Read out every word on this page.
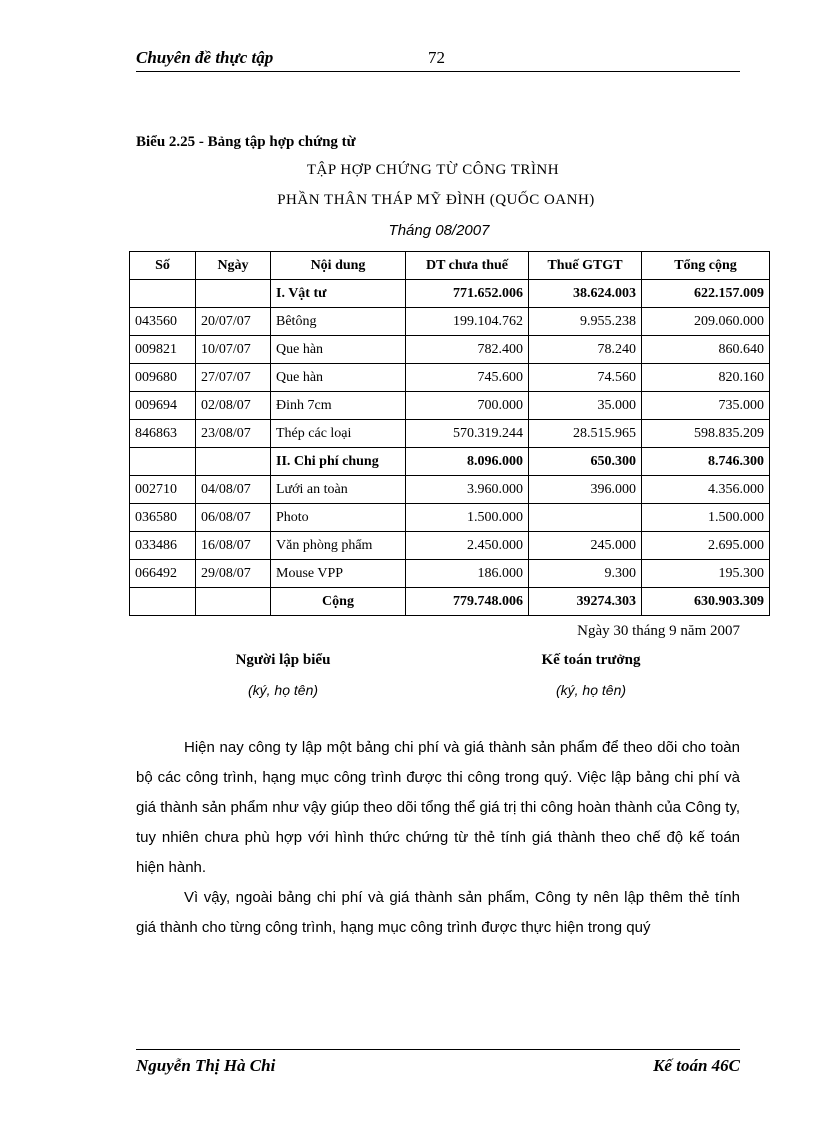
Chuyên đề thực tập	72
Biểu 2.25 - Bảng tập hợp chứng từ
TẬP HỢP CHỨNG TỪ CÔNG TRÌNH
PHẦN THÂN THÁP MỸ ĐÌNH (QUỐC OANH)
Tháng 08/2007
Số	Ngày	Nội dung	DT chưa thuế	Thuế GTGT	Tổng cộng
		I. Vật tư	771.652.006	38.624.003	622.157.009
043560	20/07/07	Bêtông	199.104.762	9.955.238	209.060.000
009821	10/07/07	Que hàn	782.400	78.240	860.640
009680	27/07/07	Que hàn	745.600	74.560	820.160
009694	02/08/07	Đinh 7cm	700.000	35.000	735.000
846863	23/08/07	Thép các loại	570.319.244	28.515.965	598.835.209
		II. Chi phí chung	8.096.000	650.300	8.746.300
002710	04/08/07	Lưới an toàn	3.960.000	396.000	4.356.000
036580	06/08/07	Photo	1.500.000		1.500.000
033486	16/08/07	Văn phòng phẩm	2.450.000	245.000	2.695.000
066492	29/08/07	Mouse VPP	186.000	9.300	195.300
		Cộng	779.748.006	39274.303	630.903.309
Ngày 30 tháng 9 năm 2007
Người lập biểu
(ký, họ tên)
Kế toán trưởng
(ký, họ tên)

Hiện nay công ty lập một bảng chi phí và giá thành sản phẩm để theo dõi cho toàn bộ các công trình, hạng mục công trình được thi công trong quý. Việc lập bảng chi phí và giá thành sản phẩm như vậy giúp theo dõi tổng thể giá trị thi công hoàn thành của Công ty, tuy nhiên chưa phù hợp với hình thức chứng từ thẻ tính giá thành theo chế độ kế toán hiện hành.

Vì vậy, ngoài bảng chi phí và giá thành sản phẩm, Công ty nên lập thêm thẻ tính giá thành cho từng công trình, hạng mục công trình được thực hiện trong quý

Nguyễn Thị Hà Chi	Kế toán 46C
